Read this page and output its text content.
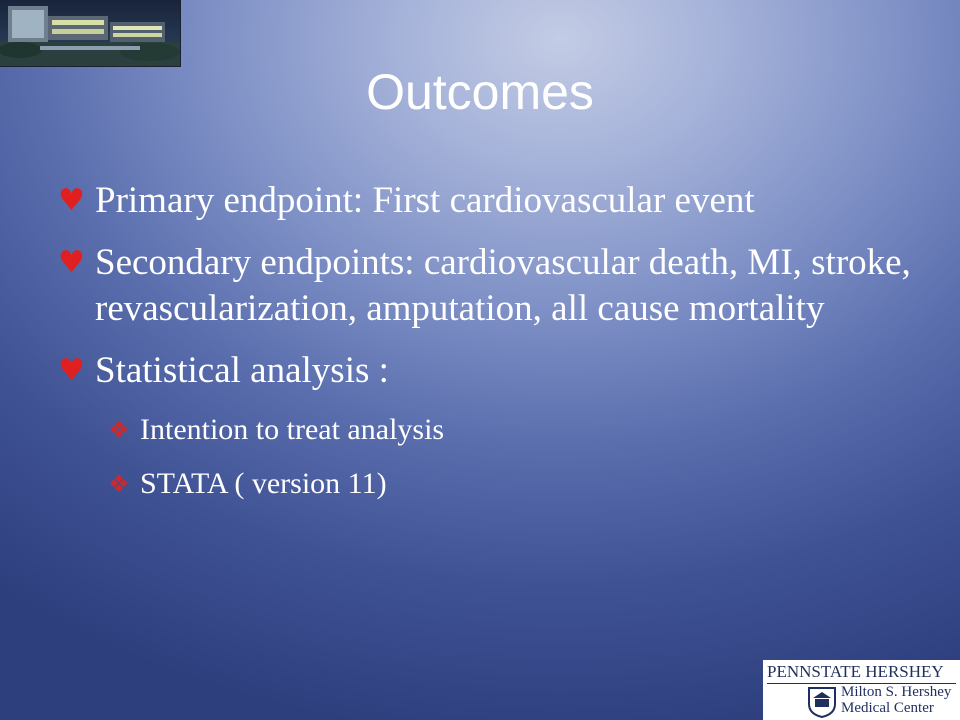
Outcomes
♥ Primary endpoint: First cardiovascular event
♥ Secondary endpoints: cardiovascular death, MI, stroke, revascularization, amputation, all cause mortality
♥ Statistical analysis :
❖ Intention to treat analysis
❖ STATA ( version 11)
PENNSTATE HERSHEY
Milton S. Hershey
Medical Center
